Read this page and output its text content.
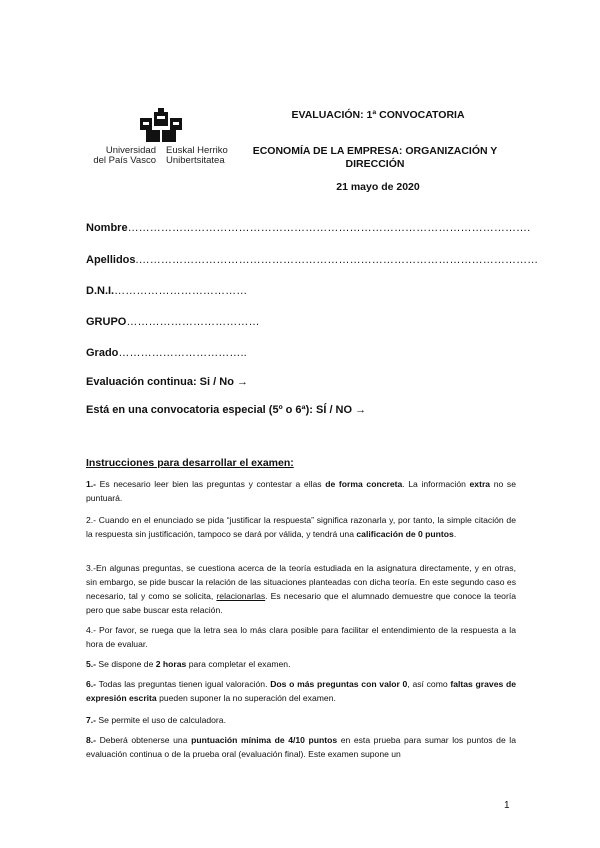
Universidad
del País Vasco
Euskal Herriko
Unibertsitatea
EVALUACIÓN: 1ª CONVOCATORIA
ECONOMÍA DE LA EMPRESA: ORGANIZACIÓN Y DIRECCIÓN
21 mayo de 2020
Nombre……………………………………………………………………………………………….
Apellidos.………………………………………………………………………………………………
D.N.I.………………………………
GRUPO………………………………
Grado……………………………..
Evaluación continua: Si / No →
Está en una convocatoria especial (5º o 6ª): SÍ / NO →
Instrucciones para desarrollar el examen:
1.- Es necesario leer bien las preguntas y contestar a ellas de forma concreta. La información extra no se puntuará.
2.- Cuando en el enunciado se pida “justificar la respuesta” significa razonarla y, por tanto, la simple citación de la respuesta sin justificación, tampoco se dará por válida, y tendrá una calificación de 0 puntos.
3.-En algunas preguntas, se cuestiona acerca de la teoría estudiada en la asignatura directamente, y en otras, sin embargo, se pide buscar la relación de las situaciones planteadas con dicha teoría. En este segundo caso es necesario, tal y como se solicita, relacionarlas. Es necesario que el alumnado demuestre que conoce la teoría pero que sabe buscar esta relación.
4.- Por favor, se ruega que la letra sea lo más clara posible para facilitar el entendimiento de la respuesta a la hora de evaluar.
5.- Se dispone de 2 horas para completar el examen.
6.- Todas las preguntas tienen igual valoración. Dos o más preguntas con valor 0, así como faltas graves de expresión escrita pueden suponer la no superación del examen.
7.- Se permite el uso de calculadora.
8.- Deberá obtenerse una puntuación mínima de 4/10 puntos en esta prueba para sumar los puntos de la evaluación continua o de la prueba oral (evaluación final). Este examen supone un
1
